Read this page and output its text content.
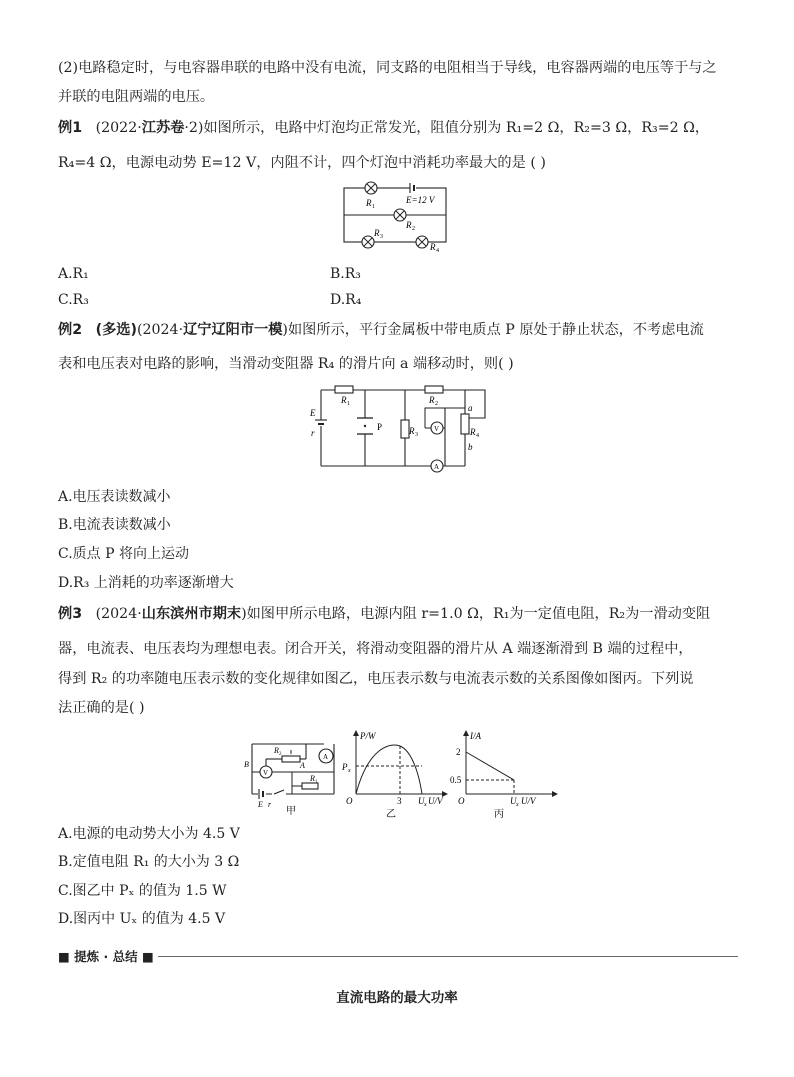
(2)电路稳定时，与电容器串联的电路中没有电流，同支路的电阻相当于导线，电容器两端的电压等于与之
并联的电阻两端的电压。
例1 (2022·江苏卷·2)如图所示，电路中灯泡均正常发光，阻值分别为 R₁=2 Ω，R₂=3 Ω，R₃=2 Ω，
R₄=4 Ω，电源电动势 E=12 V，内阻不计，四个灯泡中消耗功率最大的是 ( )
R 1
E=12 V
R 2
R 3
R 4
A.R₁	B.R₃
C.R₃	D.R₄
例2 (多选)(2024·辽宁辽阳市一模)如图所示，平行金属板中带电质点 P 原处于静止状态，不考虑电流
表和电压表对电路的影响，当滑动变阻器 R₄ 的滑片向 a 端移动时，则( )
E
r
P
R 1	R 2
R 3	R 4
a
b
V
A
A.电压表读数减小
B.电流表读数减小
C.质点 P 将向上运动
D.R₃ 上消耗的功率逐渐增大
例3 (2024·山东滨州市期末)如图甲所示电路，电源内阻 r=1.0 Ω，R₁为一定值电阻，R₂为一滑动变阻
器，电流表、电压表均为理想电表。闭合开关，将滑动变阻器的滑片从 A 端逐渐滑到 B 端的过程中，
得到 R₂ 的功率随电压表示数的变化规律如图乙，电压表示数与电流表示数的关系图像如图丙。下列说
法正确的是( )
R 2
B	A
A
V
R 1
E r
甲
P/W
P x
O	3 U x U/V
乙
I/A
2
0.5
O	U x U/V
丙
A.电源的电动势大小为 4.5 V
B.定值电阻 R₁ 的大小为 3 Ω
C.图乙中 Pₓ 的值为 1.5 W
D.图丙中 Uₓ 的值为 4.5 V
■ 提炼 · 总结 ■
直流电路的最大功率
